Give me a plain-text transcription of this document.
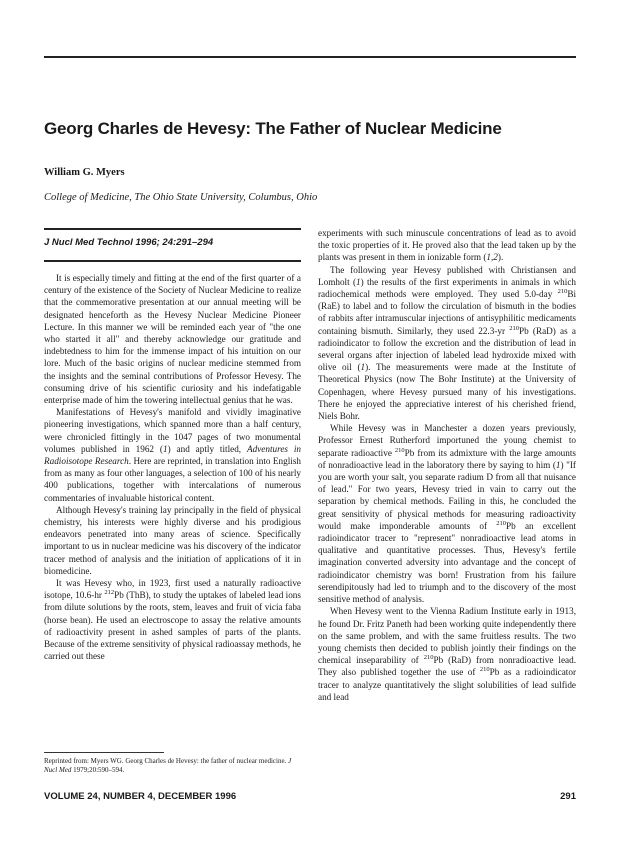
Georg Charles de Hevesy: The Father of Nuclear Medicine
William G. Myers
College of Medicine, The Ohio State University, Columbus, Ohio
J Nucl Med Technol 1996; 24:291–294

It is especially timely and fitting at the end of the first quarter of a century of the existence of the Society of Nuclear Medicine to realize that the commemorative presentation at our annual meeting will be designated henceforth as the Hevesy Nuclear Medicine Pioneer Lecture. In this manner we will be reminded each year of "the one who started it all" and thereby acknowledge our gratitude and indebtedness to him for the immense impact of his intuition on our lore. Much of the basic origins of nuclear medicine stemmed from the insights and the seminal contributions of Professor Hevesy. The consuming drive of his scientific curiosity and his indefatigable enterprise made of him the towering intellectual genius that he was.

Manifestations of Hevesy's manifold and vividly imaginative pioneering investigations, which spanned more than a half century, were chronicled fittingly in the 1047 pages of two monumental volumes published in 1962 (1) and aptly titled, Adventures in Radioisotope Research. Here are reprinted, in translation into English from as many as four other languages, a selection of 100 of his nearly 400 publications, together with intercalations of numerous commentaries of invaluable historical content.

Although Hevesy's training lay principally in the field of physical chemistry, his interests were highly diverse and his prodigious endeavors penetrated into many areas of science. Specifically important to us in nuclear medicine was his discovery of the indicator tracer method of analysis and the initiation of applications of it in biomedicine.

It was Hevesy who, in 1923, first used a naturally radioactive isotope, 10.6-hr $^{212}$Pb (ThB), to study the uptakes of labeled lead ions from dilute solutions by the roots, stem, leaves and fruit of vicia faba (horse bean). He used an electroscope to assay the relative amounts of radioactivity present in ashed samples of parts of the plants. Because of the extreme sensitivity of physical radioassay methods, he carried out these

experiments with such minuscule concentrations of lead as to avoid the toxic properties of it. He proved also that the lead taken up by the plants was present in them in ionizable form (1,2).

The following year Hevesy published with Christiansen and Lomholt (1) the results of the first experiments in animals in which radiochemical methods were employed. They used 5.0-day $^{210}$Bi (RaE) to label and to follow the circulation of bismuth in the bodies of rabbits after intramuscular injections of antisyphilitic medicaments containing bismuth. Similarly, they used 22.3-yr $^{210}$Pb (RaD) as a radioindicator to follow the excretion and the distribution of lead in several organs after injection of labeled lead hydroxide mixed with olive oil (1). The measurements were made at the Institute of Theoretical Physics (now The Bohr Institute) at the University of Copenhagen, where Hevesy pursued many of his investigations. There he enjoyed the appreciative interest of his cherished friend, Niels Bohr.

While Hevesy was in Manchester a dozen years previously, Professor Ernest Rutherford importuned the young chemist to separate radioactive $^{210}$Pb from its admixture with the large amounts of nonradioactive lead in the laboratory there by saying to him (1) "If you are worth your salt, you separate radium D from all that nuisance of lead." For two years, Hevesy tried in vain to carry out the separation by chemical methods. Failing in this, he concluded the great sensitivity of physical methods for measuring radioactivity would make imponderable amounts of $^{210}$Pb an excellent radioindicator tracer to "represent" nonradioactive lead atoms in qualitative and quantitative processes. Thus, Hevesy's fertile imagination converted adversity into advantage and the concept of radioindicator chemistry was born! Frustration from his failure serendipitously had led to triumph and to the discovery of the most sensitive method of analysis.

When Hevesy went to the Vienna Radium Institute early in 1913, he found Dr. Fritz Paneth had been working quite independently there on the same problem, and with the same fruitless results. The two young chemists then decided to publish jointly their findings on the chemical inseparability of $^{210}$Pb (RaD) from nonradioactive lead. They also published together the use of $^{210}$Pb as a radioindicator tracer to analyze quantitatively the slight solubilities of lead sulfide and lead

Reprinted from: Myers WG. Georg Charles de Hevesy: the father of nuclear medicine. J Nucl Med 1979;20:590–594.
VOLUME 24, NUMBER 4, DECEMBER 1996	291
